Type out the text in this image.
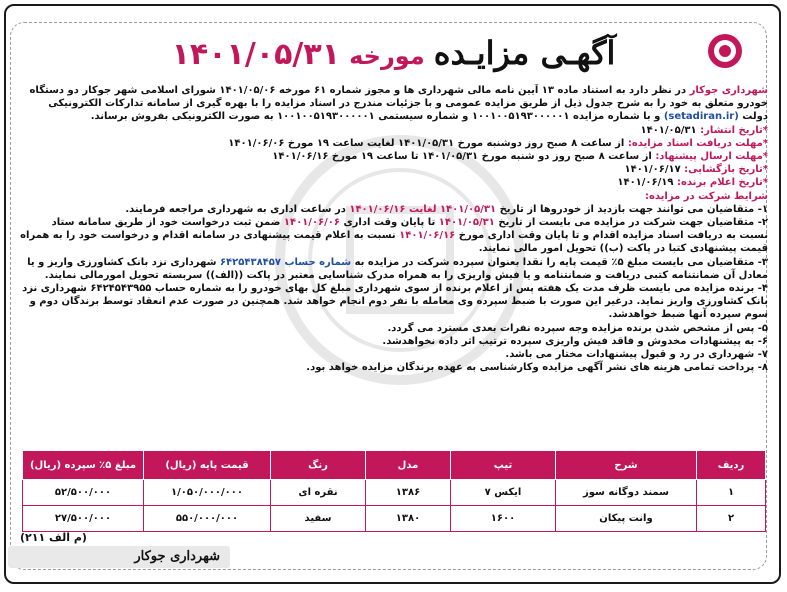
آگهـی مزایـده مورخه ۱۴۰۱/۰۵/۳۱

شهرداری جوکار در نظر دارد به استناد ماده ۱۳ آیین نامه مالی شهرداری ها و مجوز شماره ۶۱ مورخه ۱۴۰۱/۰۵/۰۶ شورای اسلامی شهر جوکار دو دستگاه خودرو متعلق به خود را به شرح جدول ذیل از طریق مزایده عمومی و با جزئیات مندرج در اسناد مزایده را با بهره گیری از سامانه تدارکات الکترونیکی دولت (setadiran.ir) و با شماره مزایده ۱۰۰۱۰۰۵۱۹۳۰۰۰۰۰۱ و شماره سیستمی ۱۰۰۱۰۰۵۱۹۳۰۰۰۰۰۱ به صورت الکترونیکی بفروش برساند.

*تاریخ انتشار: ۱۴۰۱/۰۵/۳۱

*مهلت دریافت اسناد مزایده: از ساعت ۸ صبح روز دوشنبه مورخ ۱۴۰۱/۰۵/۳۱ لغایت ساعت ۱۹ مورخ ۱۴۰۱/۰۶/۰۶

*مهلت ارسال پیشنهاد: از ساعت ۸ صبح روز دو شنبه مورخ ۱۴۰۱/۰۵/۳۱ تا ساعت ۱۹ مورخ ۱۴۰۱/۰۶/۱۶

*تاریخ بازگشایی: ۱۴۰۱/۰۶/۱۷

*تاریخ اعلام برنده: ۱۴۰۱/۰۶/۱۹

شرایط شرکت در مزایده:

۱- متقاضیان می توانند جهت بازدید از خودروها از تاریخ ۱۴۰۱/۰۵/۳۱ لغایت ۱۴۰۱/۰۶/۱۶ در ساعت اداری به شهرداری مراجعه فرمایند.

۲- متقاضیان جهت شرکت در مزایده می بایست از تاریخ ۱۴۰۱/۰۵/۳۱ تا پایان وقت اداری ۱۴۰۱/۰۶/۰۶ ضمن ثبت درخواست خود از طریق سامانه ستاد نسبت به دریافت اسناد مزایده اقدام و تا پایان وقت اداری مورخ ۱۴۰۱/۰۶/۱۶ نسبت به اعلام قیمت پیشنهادی در سامانه اقدام و درخواست خود را به همراه قیمت پیشنهادی کتبا در پاکت (ب)) تحویل امور مالی نمایند.

۳- متقاضیان می بایست مبلغ ۵٪ قیمت پایه را نقدا بعنوان سپرده شرکت در مزایده به شماره حساب ۶۴۲۵۴۳۸۴۵۷ شهرداری نزد بانک کشاورزی واریز و یا معادل آن ضمانتنامه کتبی دریافت و ضمانتنامه و یا فیش واریزی را به همراه مدرک شناسایی معتبر در پاکت ((الف)) سربسته تحویل امورمالی نمایند.

۴- برنده مزایده می بایست ظرف مدت یک هفته پس از اعلام برنده از سوی شهرداری مبلغ کل بهای خودرو را به شماره حساب ۶۴۲۴۵۴۳۹۵۵ شهرداری نزد بانک کشاورزی واریز نماید. درغیر این صورت با ضبط سپرده وی معامله با نفر دوم انجام خواهد شد. همچنین در صورت عدم انعقاد توسط برندگان دوم و سوم سپرده آنها ضبط خواهدشد.

۵- پس از مشخص شدن برنده مزایده وجه سپرده نفرات بعدی مسترد می گردد.

۶- به پیشنهادات مخدوش و فاقد فیش واریزی سپرده ترتیب اثر داده نخواهدشد.

۷- شهرداری در رد و قبول پیشنهادات مختار می باشد.

۸- پرداخت تمامی هزینه های نشر آگهی مزایده وکارشناسی به عهده برندگان مزایده خواهد بود.

ردیف	شرح	تیپ	مدل	رنگ	قیمت پایه (ریال)	مبلغ ۵٪ سپرده (ریال)
۱	سمند دوگانه سوز	ایکس ۷	۱۳۸۶	نقره ای	۱/۰۵۰/۰۰۰/۰۰۰	۵۲/۵۰۰/۰۰۰
۲	وانت پیکان	۱۶۰۰	۱۳۸۰	سفید	۵۵۰/۰۰۰/۰۰۰	۲۷/۵۰۰/۰۰۰
(م الف ۲۱۱)
شهرداری جوکار
